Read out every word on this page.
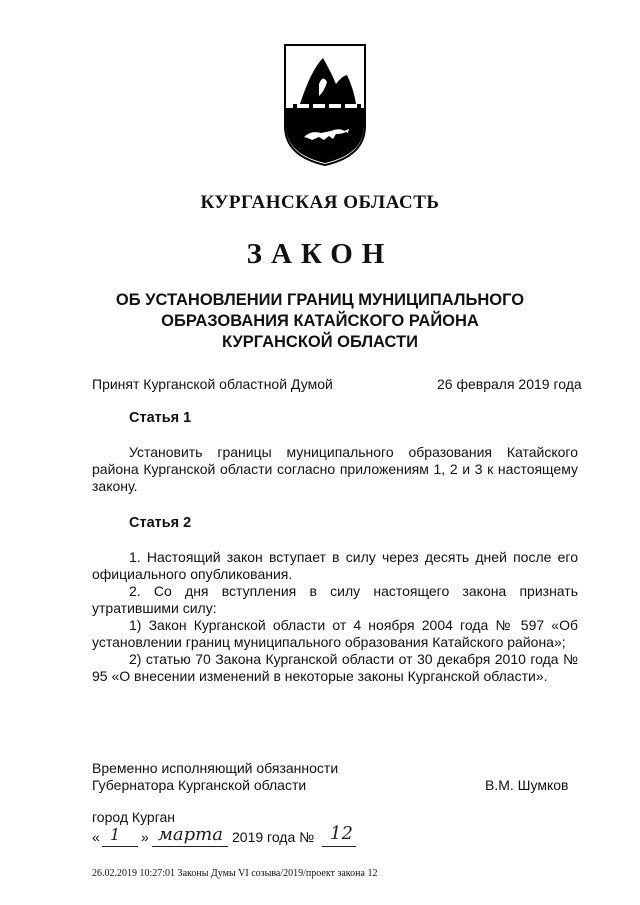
КУРГАНСКАЯ ОБЛАСТЬ
ЗАКОН
ОБ УСТАНОВЛЕНИИ ГРАНИЦ МУНИЦИПАЛЬНОГО
ОБРАЗОВАНИЯ КАТАЙСКОГО РАЙОНА
КУРГАНСКОЙ ОБЛАСТИ
Принят Курганской областной Думой	26 февраля 2019 года
Статья 1

Установить границы муниципального образования Катайского района Курганской области согласно приложениям 1, 2 и 3 к настоящему закону.

Статья 2

1. Настоящий закон вступает в силу через десять дней после его официального опубликования.

2. Со дня вступления в силу настоящего закона признать утратившими силу:

1) Закон Курганской области от 4 ноября 2004 года № 597 «Об установлении границ муниципального образования Катайского района»;

2) статью 70 Закона Курганской области от 30 декабря 2010 года № 95 «О внесении изменений в некоторые законы Курганской области».

Временно исполняющий обязанности
Губернатора Курганской области	В.М. Шумков
город Курган
« 1 » марта 2019 года № 12
26.02.2019 10:27:01 Законы Думы VI созыва/2019/проект закона 12
